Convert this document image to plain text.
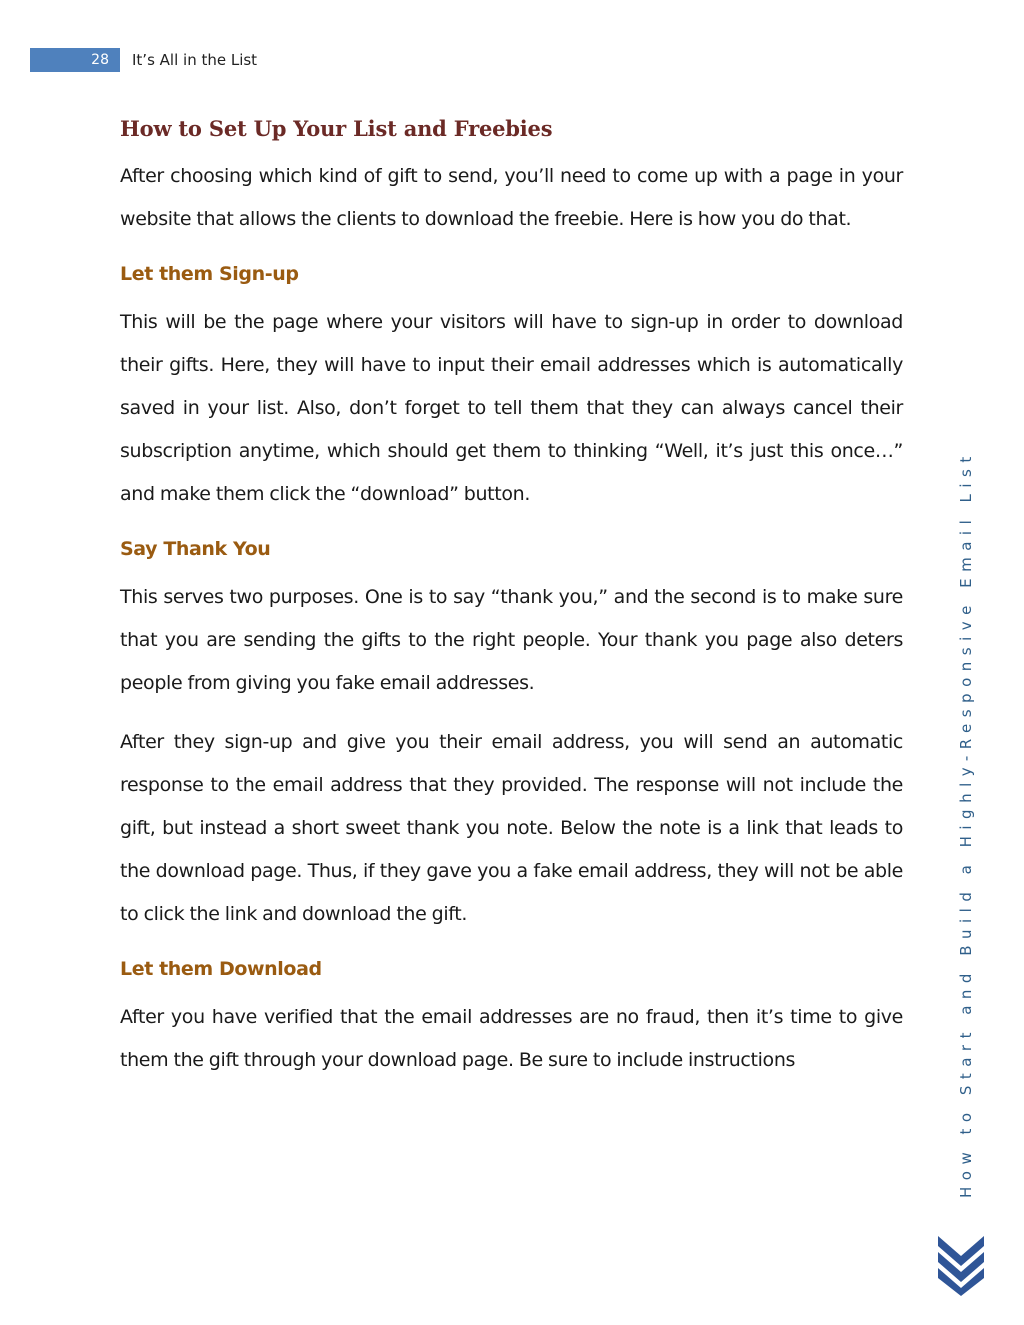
28	It’s All in the List
How to Set Up Your List and Freebies

After choosing which kind of gift to send, you’ll need to come up with a page in your website that allows the clients to download the freebie. Here is how you do that.

Let them Sign-up

This will be the page where your visitors will have to sign-up in order to download their gifts. Here, they will have to input their email addresses which is automatically saved in your list. Also, don’t forget to tell them that they can always cancel their subscription anytime, which should get them to thinking “Well, it’s just this once…” and make them click the “download” button.

Say Thank You

This serves two purposes. One is to say “thank you,” and the second is to make sure that you are sending the gifts to the right people. Your thank you page also deters people from giving you fake email addresses.

After they sign-up and give you their email address, you will send an automatic response to the email address that they provided. The response will not include the gift, but instead a short sweet thank you note. Below the note is a link that leads to the download page. Thus, if they gave you a fake email address, they will not be able to click the link and download the gift.

Let them Download

After you have verified that the email addresses are no fraud, then it’s time to give them the gift through your download page. Be sure to include instructions	How to Start and Build a Highly-Responsive Email List
